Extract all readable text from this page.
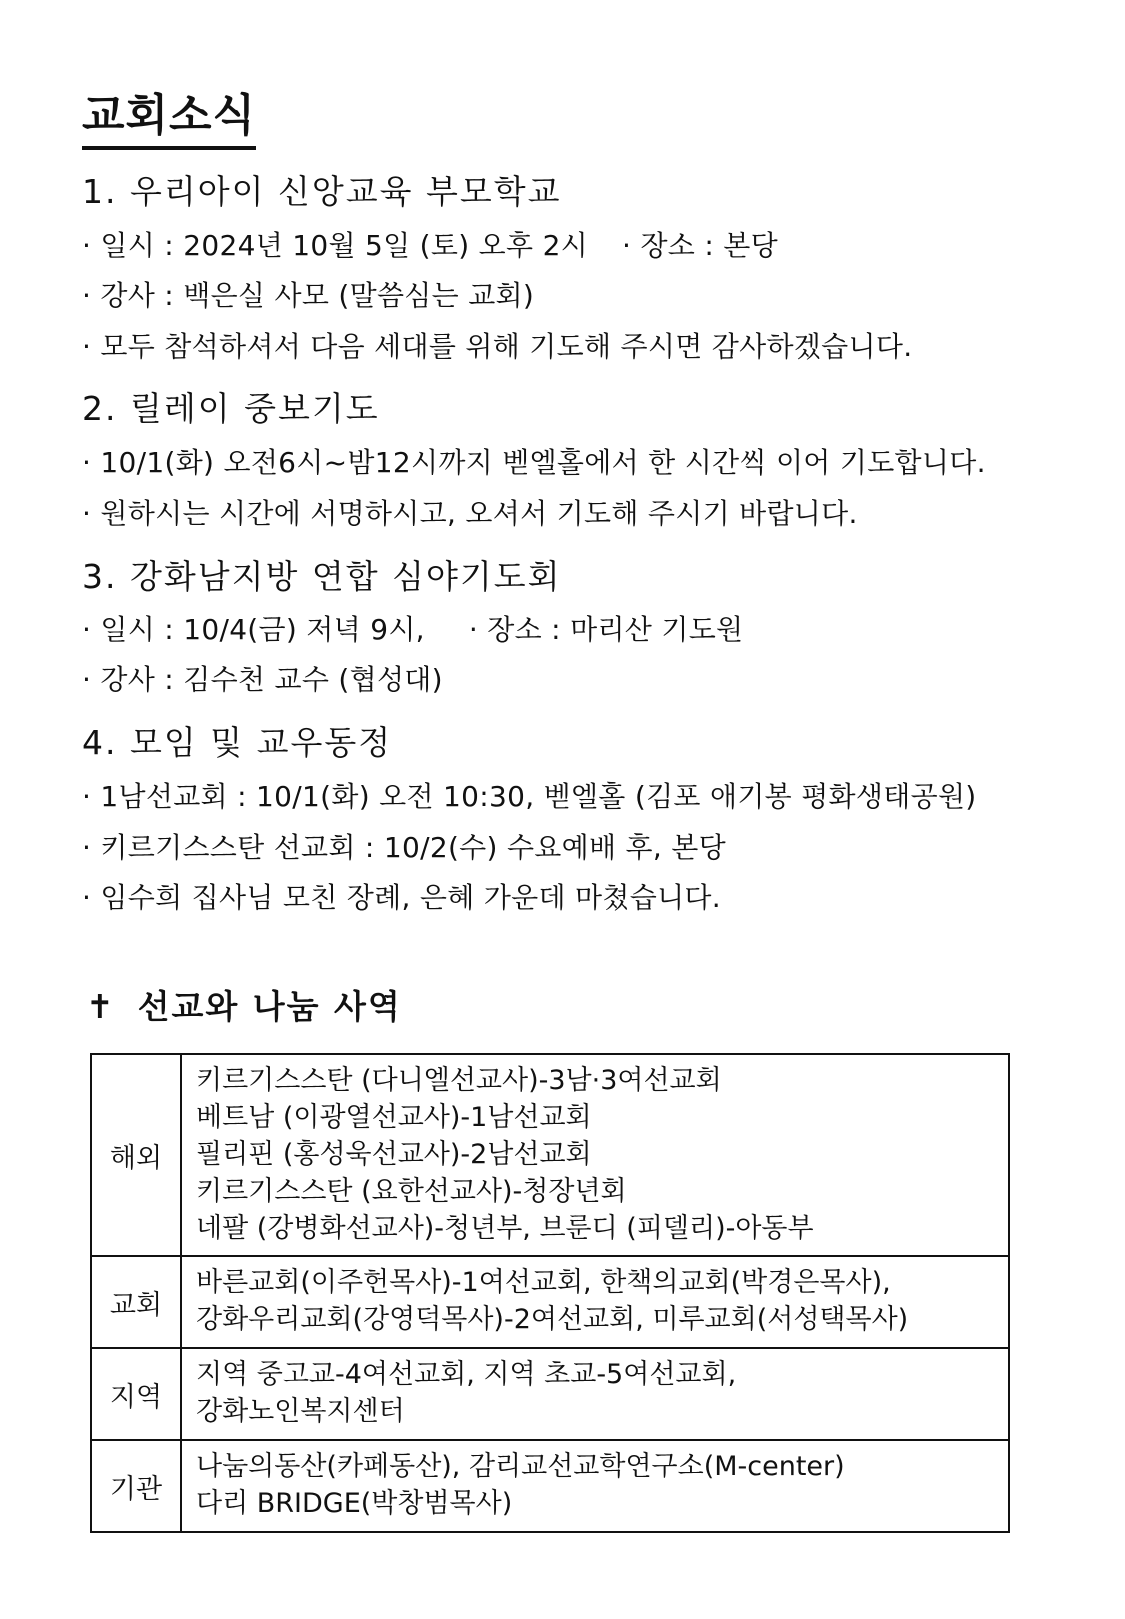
교회소식
1. 우리아이 신앙교육 부모학교
· 일시 : 2024년 10월 5일 (토) 오후 2시 · 장소 : 본당
· 강사 : 백은실 사모 (말씀심는 교회)
· 모두 참석하셔서 다음 세대를 위해 기도해 주시면 감사하겠습니다.
2. 릴레이 중보기도
· 10/1(화) 오전6시~밤12시까지 벧엘홀에서 한 시간씩 이어 기도합니다.
· 원하시는 시간에 서명하시고, 오셔서 기도해 주시기 바랍니다.
3. 강화남지방 연합 심야기도회
· 일시 : 10/4(금) 저녁 9시, · 장소 : 마리산 기도원
· 강사 : 김수천 교수 (협성대)
4. 모임 및 교우동정
· 1남선교회 : 10/1(화) 오전 10:30, 벧엘홀 (김포 애기봉 평화생태공원)
· 키르기스스탄 선교회 : 10/2(수) 수요예배 후, 본당
· 임수희 집사님 모친 장례, 은혜 가운데 마쳤습니다.
✝ 선교와 나눔 사역
해외	키르기스스탄 (다니엘선교사)-3남·3여선교회
베트남 (이광열선교사)-1남선교회
필리핀 (홍성욱선교사)-2남선교회
키르기스스탄 (요한선교사)-청장년회
네팔 (강병화선교사)-청년부, 브룬디 (피델리)-아동부

교회	바른교회(이주헌목사)-1여선교회, 한책의교회(박경은목사),
강화우리교회(강영덕목사)-2여선교회, 미루교회(서성택목사)

지역	지역 중고교-4여선교회, 지역 초교-5여선교회,
강화노인복지센터

기관	나눔의동산(카페동산), 감리교선교학연구소(M-center)
다리 BRIDGE(박창범목사)
